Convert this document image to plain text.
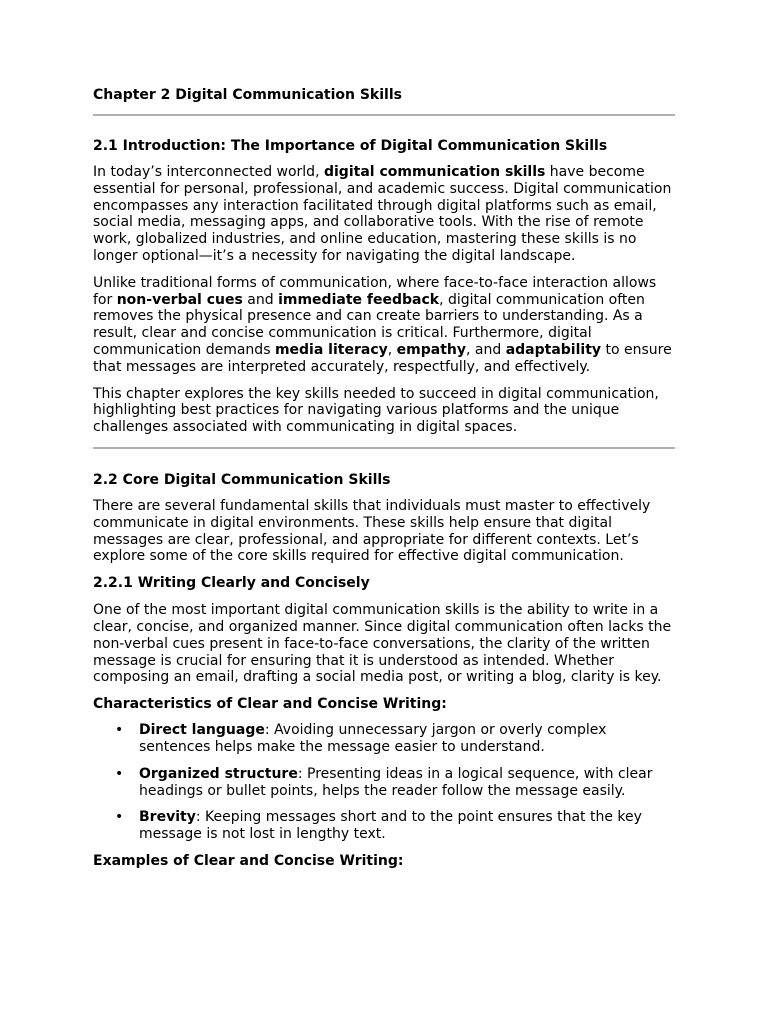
Chapter 2 Digital Communication Skills
2.1 Introduction: The Importance of Digital Communication Skills

In today’s interconnected world, digital communication skills have become essential for personal, professional, and academic success. Digital communication encompasses any interaction facilitated through digital platforms such as email, social media, messaging apps, and collaborative tools. With the rise of remote work, globalized industries, and online education, mastering these skills is no longer optional—it’s a necessity for navigating the digital landscape.

Unlike traditional forms of communication, where face-to-face interaction allows for non-verbal cues and immediate feedback, digital communication often removes the physical presence and can create barriers to understanding. As a result, clear and concise communication is critical. Furthermore, digital communication demands media literacy, empathy, and adaptability to ensure that messages are interpreted accurately, respectfully, and effectively.

This chapter explores the key skills needed to succeed in digital communication, highlighting best practices for navigating various platforms and the unique challenges associated with communicating in digital spaces.

2.2 Core Digital Communication Skills

There are several fundamental skills that individuals must master to effectively communicate in digital environments. These skills help ensure that digital messages are clear, professional, and appropriate for different contexts. Let’s explore some of the core skills required for effective digital communication.

2.2.1 Writing Clearly and Concisely

One of the most important digital communication skills is the ability to write in a clear, concise, and organized manner. Since digital communication often lacks the non-verbal cues present in face-to-face conversations, the clarity of the written message is crucial for ensuring that it is understood as intended. Whether composing an email, drafting a social media post, or writing a blog, clarity is key.

Characteristics of Clear and Concise Writing:
• Direct language: Avoiding unnecessary jargon or overly complex sentences helps make the message easier to understand.
• Organized structure: Presenting ideas in a logical sequence, with clear headings or bullet points, helps the reader follow the message easily.
• Brevity: Keeping messages short and to the point ensures that the key message is not lost in lengthy text.
Examples of Clear and Concise Writing:
